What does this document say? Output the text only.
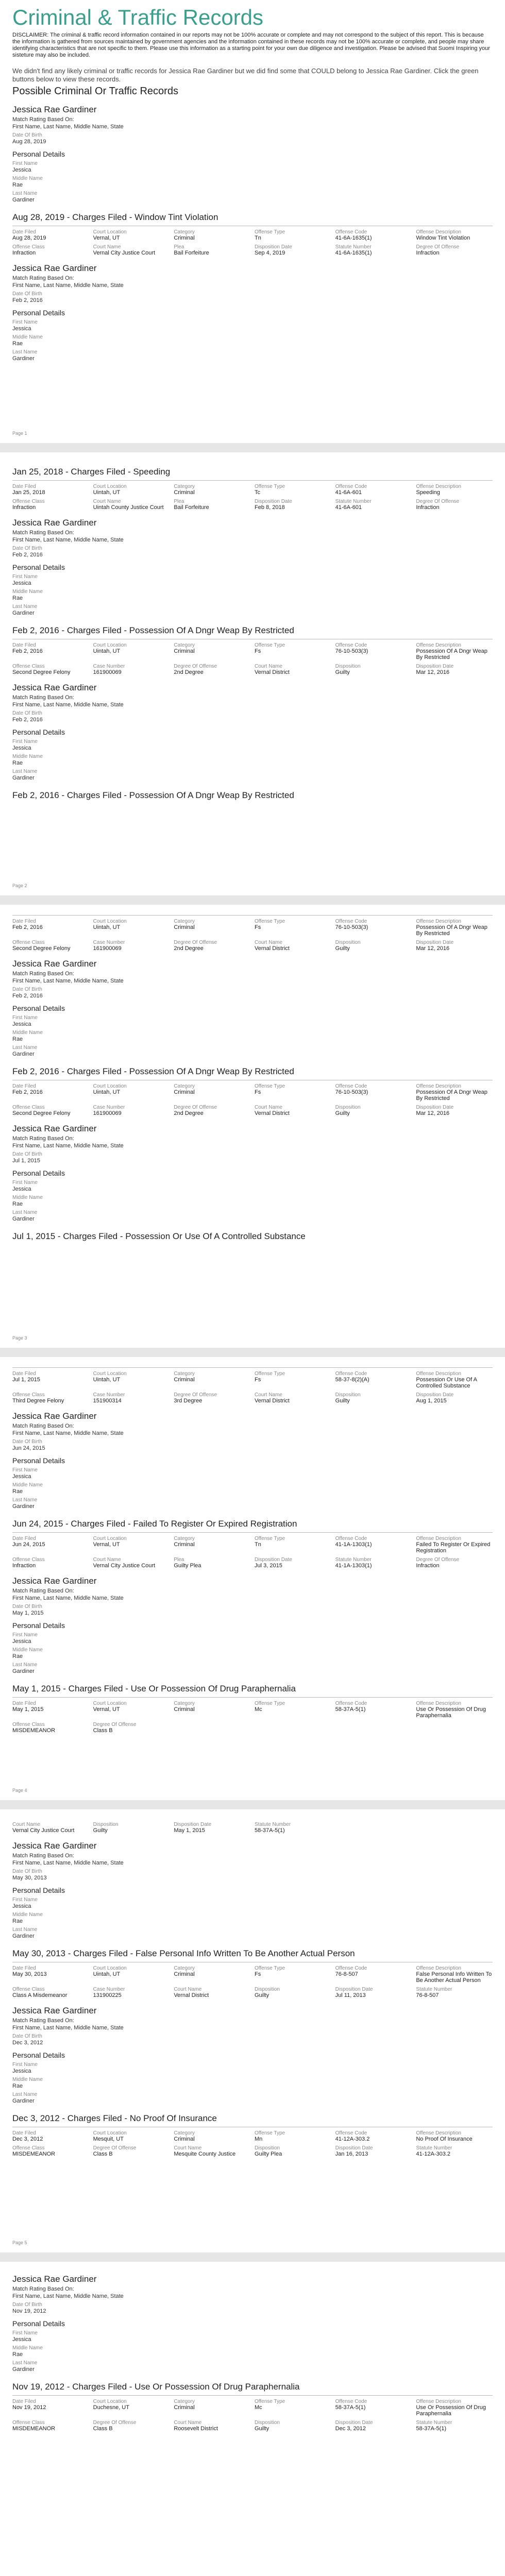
Criminal & Traffic Records
DISCLAIMER: The criminal & traffic record information contained in our reports may not be 100% accurate or complete and may not correspond to the subject of this report. This is because the information is gathered from sources maintained by government agencies and the information contained in these records may not be 100% accurate or complete, and people may share identifying characteristics that are not specific to them. Please use this information as a starting point for your own due diligence and investigation. Please be advised that Suomi Inspiring your sisteture may also be included.
We didn't find any likely criminal or traffic records for Jessica Rae Gardiner but we did find some that COULD belong to Jessica Rae Gardiner. Click the green buttons below to view these records.
Possible Criminal Or Traffic Records
Jessica Rae Gardiner
Match Rating Based On:
First Name, Last Name, Middle Name, State
Date Of Birth
Aug 28, 2019
Personal Details
First Name
Jessica
Middle Name
Rae
Last Name
Gardiner
Aug 28, 2019 - Charges Filed - Window Tint Violation
Date Filed
Aug 28, 2019
Court Location
Vernal, UT
Category
Criminal
Offense Type
Tn
Offense Code
41-6A-1635(1)
Offense Description
Window Tint Violation
Offense Class
Infraction
Court Name
Vernal City Justice Court
Plea
Bail Forfeiture
Disposition Date
Sep 4, 2019
Statute Number
41-6A-1635(1)
Degree Of Offense
Infraction
Jessica Rae Gardiner
Match Rating Based On:
First Name, Last Name, Middle Name, State
Date Of Birth
Feb 2, 2016
Personal Details
First Name
Jessica
Middle Name
Rae
Last Name
Gardiner
Page 1
Jan 25, 2018 - Charges Filed - Speeding
Date Filed
Jan 25, 2018
Court Location
Uintah, UT
Category
Criminal
Offense Type
Tc
Offense Code
41-6A-601
Offense Description
Speeding
Offense Class
Infraction
Court Name
Uintah County Justice Court
Plea
Bail Forfeiture
Disposition Date
Feb 8, 2018
Statute Number
41-6A-601
Degree Of Offense
Infraction
Jessica Rae Gardiner
Match Rating Based On:
First Name, Last Name, Middle Name, State
Date Of Birth
Feb 2, 2016
Personal Details
First Name
Jessica
Middle Name
Rae
Last Name
Gardiner
Feb 2, 2016 - Charges Filed - Possession Of A Dngr Weap By Restricted
Date Filed
Feb 2, 2016
Court Location
Uintah, UT
Category
Criminal
Offense Type
Fs
Offense Code
76-10-503(3)
Offense Description
Possession Of A Dngr Weap By Restricted
Offense Class
Second Degree Felony
Case Number
161900069
Degree Of Offense
2nd Degree
Court Name
Vernal District
Disposition
Guilty
Disposition Date
Mar 12, 2016
Jessica Rae Gardiner
Match Rating Based On:
First Name, Last Name, Middle Name, State
Date Of Birth
Feb 2, 2016
Personal Details
First Name
Jessica
Middle Name
Rae
Last Name
Gardiner
Feb 2, 2016 - Charges Filed - Possession Of A Dngr Weap By Restricted
Page 2
Date Filed
Feb 2, 2016
Court Location
Uintah, UT
Category
Criminal
Offense Type
Fs
Offense Code
76-10-503(3)
Offense Description
Possession Of A Dngr Weap By Restricted
Offense Class
Second Degree Felony
Case Number
161900069
Degree Of Offense
2nd Degree
Court Name
Vernal District
Disposition
Guilty
Disposition Date
Mar 12, 2016
Jessica Rae Gardiner
Match Rating Based On:
First Name, Last Name, Middle Name, State
Date Of Birth
Feb 2, 2016
Personal Details
First Name
Jessica
Middle Name
Rae
Last Name
Gardiner
Feb 2, 2016 - Charges Filed - Possession Of A Dngr Weap By Restricted
Date Filed
Feb 2, 2016
Court Location
Uintah, UT
Category
Criminal
Offense Type
Fs
Offense Code
76-10-503(3)
Offense Description
Possession Of A Dngr Weap By Restricted
Offense Class
Second Degree Felony
Case Number
161900069
Degree Of Offense
2nd Degree
Court Name
Vernal District
Disposition
Guilty
Disposition Date
Mar 12, 2016
Jessica Rae Gardiner
Match Rating Based On:
First Name, Last Name, Middle Name, State
Date Of Birth
Jul 1, 2015
Personal Details
First Name
Jessica
Middle Name
Rae
Last Name
Gardiner
Jul 1, 2015 - Charges Filed - Possession Or Use Of A Controlled Substance
Page 3
Date Filed
Jul 1, 2015
Court Location
Uintah, UT
Category
Criminal
Offense Type
Fs
Offense Code
58-37-8(2)(A)
Offense Description
Possession Or Use Of A Controlled Substance
Offense Class
Third Degree Felony
Case Number
151900314
Degree Of Offense
3rd Degree
Court Name
Vernal District
Disposition
Guilty
Disposition Date
Aug 1, 2015
Jessica Rae Gardiner
Match Rating Based On:
First Name, Last Name, Middle Name, State
Date Of Birth
Jun 24, 2015
Personal Details
First Name
Jessica
Middle Name
Rae
Last Name
Gardiner
Jun 24, 2015 - Charges Filed - Failed To Register Or Expired Registration
Date Filed
Jun 24, 2015
Court Location
Vernal, UT
Category
Criminal
Offense Type
Tn
Offense Code
41-1A-1303(1)
Offense Description
Failed To Register Or Expired Registration
Offense Class
Infraction
Court Name
Vernal City Justice Court
Plea
Guilty Plea
Disposition Date
Jul 3, 2015
Statute Number
41-1A-1303(1)
Degree Of Offense
Infraction
Jessica Rae Gardiner
Match Rating Based On:
First Name, Last Name, Middle Name, State
Date Of Birth
May 1, 2015
Personal Details
First Name
Jessica
Middle Name
Rae
Last Name
Gardiner
May 1, 2015 - Charges Filed - Use Or Possession Of Drug Paraphernalia
Date Filed
May 1, 2015
Court Location
Vernal, UT
Category
Criminal
Offense Type
Mc
Offense Code
58-37A-5(1)
Offense Description
Use Or Possession Of Drug Paraphernalia
Offense Class
MISDEMEANOR
Degree Of Offense
Class B
Page 4
Court Name
Vernal City Justice Court
Disposition
Guilty
Disposition Date
May 1, 2015
Statute Number
58-37A-5(1)
Jessica Rae Gardiner
Match Rating Based On:
First Name, Last Name, Middle Name, State
Date Of Birth
May 30, 2013
Personal Details
First Name
Jessica
Middle Name
Rae
Last Name
Gardiner
May 30, 2013 - Charges Filed - False Personal Info Written To Be Another Actual Person
Date Filed
May 30, 2013
Court Location
Uintah, UT
Category
Criminal
Offense Type
Fs
Offense Code
76-8-507
Offense Description
False Personal Info Written To Be Another Actual Person
Offense Class
Class A Misdemeanor
Case Number
131900225
Court Name
Vernal District
Disposition
Guilty
Disposition Date
Jul 11, 2013
Statute Number
76-8-507
Jessica Rae Gardiner
Match Rating Based On:
First Name, Last Name, Middle Name, State
Date Of Birth
Dec 3, 2012
Personal Details
First Name
Jessica
Middle Name
Rae
Last Name
Gardiner
Dec 3, 2012 - Charges Filed - No Proof Of Insurance
Date Filed
Dec 3, 2012
Court Location
Mesquit, UT
Category
Criminal
Offense Type
Mn
Offense Code
41-12A-303.2
Offense Description
No Proof Of Insurance
Offense Class
MISDEMEANOR
Degree Of Offense
Class B
Court Name
Mesquite County Justice
Disposition
Guilty Plea
Disposition Date
Jan 16, 2013
Statute Number
41-12A-303.2
Page 5
Jessica Rae Gardiner
Match Rating Based On:
First Name, Last Name, Middle Name, State
Date Of Birth
Nov 19, 2012
Personal Details
First Name
Jessica
Middle Name
Rae
Last Name
Gardiner
Nov 19, 2012 - Charges Filed - Use Or Possession Of Drug Paraphernalia
Date Filed
Nov 19, 2012
Court Location
Duchesne, UT
Category
Criminal
Offense Type
Mc
Offense Code
58-37A-5(1)
Offense Description
Use Or Possession Of Drug Paraphernalia
Offense Class
MISDEMEANOR
Degree Of Offense
Class B
Court Name
Roosevelt District
Disposition
Guilty
Disposition Date
Dec 3, 2012
Statute Number
58-37A-5(1)
